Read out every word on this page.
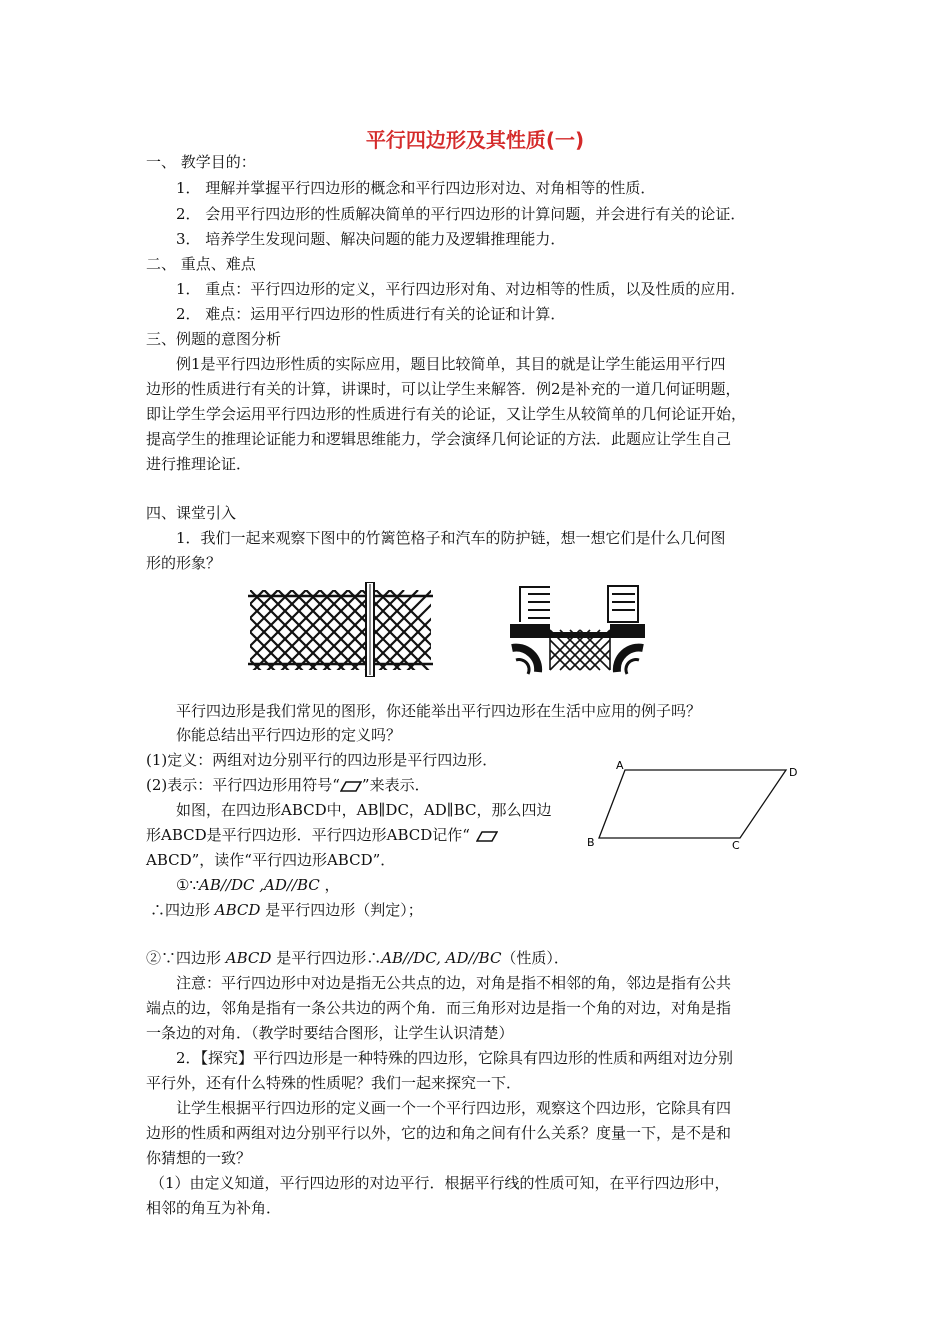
平行四边形及其性质(一)
一、 教学目的：
1． 理解并掌握平行四边形的概念和平行四边形对边、对角相等的性质．
2． 会用平行四边形的性质解决简单的平行四边形的计算问题，并会进行有关的论证．
3． 培养学生发现问题、解决问题的能力及逻辑推理能力．
二、 重点、难点
1． 重点：平行四边形的定义，平行四边形对角、对边相等的性质，以及性质的应用．
2． 难点：运用平行四边形的性质进行有关的论证和计算．
三、例题的意图分析
例1是平行四边形性质的实际应用，题目比较简单，其目的就是让学生能运用平行四
边形的性质进行有关的计算，讲课时，可以让学生来解答．例2是补充的一道几何证明题，
即让学生学会运用平行四边形的性质进行有关的论证，又让学生从较简单的几何论证开始，
提高学生的推理论证能力和逻辑思维能力，学会演绎几何论证的方法．此题应让学生自己
进行推理论证．
四、课堂引入
1．我们一起来观察下图中的竹篱笆格子和汽车的防护链，想一想它们是什么几何图
形的形象？
平行四边形是我们常见的图形，你还能举出平行四边形在生活中应用的例子吗？
你能总结出平行四边形的定义吗？
(1)定义：两组对边分别平行的四边形是平行四边形．
(2)表示：平行四边形用符号“ ”来表示．
如图，在四边形ABCD中，AB∥DC，AD∥BC，那么四边
形ABCD是平行四边形．平行四边形ABCD记作“
ABCD”，读作“平行四边形ABCD”．
A
D
B	C
①∵AB//DC ,AD//BC ，
∴四边形 ABCD 是平行四边形（判定）；
②∵四边形 ABCD 是平行四边形∴AB//DC, AD//BC（性质）．
注意：平行四边形中对边是指无公共点的边，对角是指不相邻的角，邻边是指有公共
端点的边，邻角是指有一条公共边的两个角．而三角形对边是指一个角的对边，对角是指
一条边的对角．（教学时要结合图形，让学生认识清楚）
2．【探究】平行四边形是一种特殊的四边形，它除具有四边形的性质和两组对边分别
平行外，还有什么特殊的性质呢？我们一起来探究一下．
让学生根据平行四边形的定义画一个一个平行四边形，观察这个四边形，它除具有四
边形的性质和两组对边分别平行以外，它的边和角之间有什么关系？度量一下，是不是和
你猜想的一致？
（1）由定义知道，平行四边形的对边平行．根据平行线的性质可知，在平行四边形中，
相邻的角互为补角．
